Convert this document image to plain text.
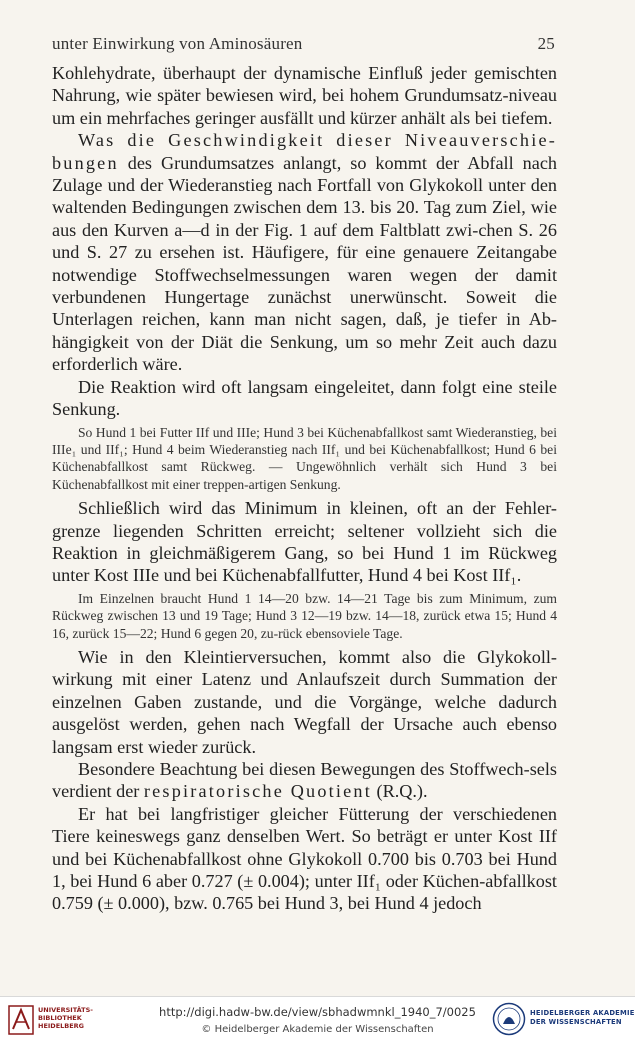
unter Einwirkung von Aminosäuren	25

Kohlehydrate, überhaupt der dynamische Einfluß jeder gemischten Nahrung, wie später bewiesen wird, bei hohem Grundumsatz-niveau um ein mehrfaches geringer ausfällt und kürzer anhält als bei tiefem.

Was die Geschwindigkeit dieser Niveauverschie-bungen des Grundumsatzes anlangt, so kommt der Abfall nach Zulage und der Wiederanstieg nach Fortfall von Glykokoll unter den waltenden Bedingungen zwischen dem 13. bis 20. Tag zum Ziel, wie aus den Kurven a—d in der Fig. 1 auf dem Faltblatt zwi-chen S. 26 und S. 27 zu ersehen ist. Häufigere, für eine genauere Zeitangabe notwendige Stoffwechselmessungen waren wegen der damit verbundenen Hungertage zunächst unerwünscht. Soweit die Unterlagen reichen, kann man nicht sagen, daß, je tiefer in Ab-hängigkeit von der Diät die Senkung, um so mehr Zeit auch dazu erforderlich wäre.

Die Reaktion wird oft langsam eingeleitet, dann folgt eine steile Senkung.

So Hund 1 bei Futter IIf und IIIe; Hund 3 bei Küchenabfallkost samt Wiederanstieg, bei IIIe₁ und IIf₁; Hund 4 beim Wiederanstieg nach IIf₁ und bei Küchenabfallkost; Hund 6 bei Küchenabfallkost samt Rückweg. — Ungewöhnlich verhält sich Hund 3 bei Küchenabfallkost mit einer treppen-artigen Senkung.

Schließlich wird das Minimum in kleinen, oft an der Fehler-grenze liegenden Schritten erreicht; seltener vollzieht sich die Reaktion in gleichmäßigerem Gang, so bei Hund 1 im Rückweg unter Kost IIIe und bei Küchenabfallfutter, Hund 4 bei Kost IIf₁.

Im Einzelnen braucht Hund 1 14—20 bzw. 14—21 Tage bis zum Minimum, zum Rückweg zwischen 13 und 19 Tage; Hund 3 12—19 bzw. 14—18, zurück etwa 15; Hund 4 16, zurück 15—22; Hund 6 gegen 20, zu-rück ebensoviele Tage.

Wie in den Kleintierversuchen, kommt also die Glykokoll-wirkung mit einer Latenz und Anlaufszeit durch Summation der einzelnen Gaben zustande, und die Vorgänge, welche dadurch ausgelöst werden, gehen nach Wegfall der Ursache auch ebenso langsam erst wieder zurück.

Besondere Beachtung bei diesen Bewegungen des Stoffwech-sels verdient der respiratorische Quotient (R.Q.).

Er hat bei langfristiger gleicher Fütterung der verschiedenen Tiere keineswegs ganz denselben Wert. So beträgt er unter Kost IIf und bei Küchenabfallkost ohne Glykokoll 0.700 bis 0.703 bei Hund 1, bei Hund 6 aber 0.727 (± 0.004); unter IIf₁ oder Küchen-abfallkost 0.759 (± 0.000), bzw. 0.765 bei Hund 3, bei Hund 4 jedoch

UNIVERSITÄTS-
BIBLIOTHEK
HEIDELBERG
http://digi.hadw-bw.de/view/sbhadwmnkl_1940_7/0025
© Heidelberger Akademie der Wissenschaften
HEIDELBERGER AKADEMIE
DER WISSENSCHAFTEN
